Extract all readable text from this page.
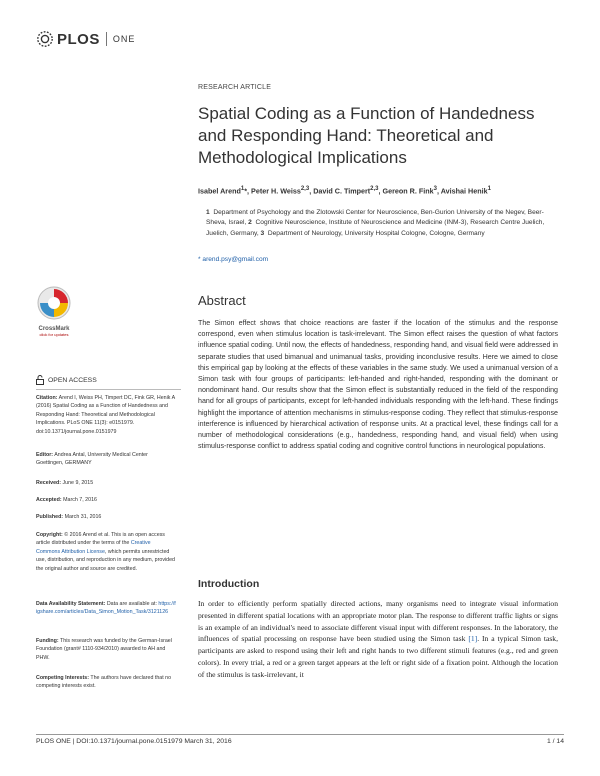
PLOS ONE
RESEARCH ARTICLE
Spatial Coding as a Function of Handedness and Responding Hand: Theoretical and Methodological Implications
Isabel Arend$^1$*, Peter H. Weiss$^{2,3}$, David C. Timpert$^{2,3}$, Gereon R. Fink$^3$, Avishai Henik$^1$
1 Department of Psychology and the Zlotowski Center for Neuroscience, Ben-Gurion University of the Negev, Beer-Sheva, Israel, 2 Cognitive Neuroscience, Institute of Neuroscience and Medicine (INM-3), Research Centre Juelich, Juelich, Germany, 3 Department of Neurology, University Hospital Cologne, Cologne, Germany
* arend.psy@gmail.com
CrossMark
click for updates
OPEN ACCESS
Citation: Arend I, Weiss PH, Timpert DC, Fink GR, Henik A (2016) Spatial Coding as a Function of Handedness and Responding Hand: Theoretical and Methodological Implications. PLoS ONE 11(3): e0151979. doi:10.1371/journal.pone.0151979
Editor: Andrea Antal, University Medical Center Goettingen, GERMANY
Received: June 9, 2015
Accepted: March 7, 2016
Published: March 31, 2016
Copyright: © 2016 Arend et al. This is an open access article distributed under the terms of the Creative Commons Attribution License, which permits unrestricted use, distribution, and reproduction in any medium, provided the original author and source are credited.
Data Availability Statement: Data are available at: https://figshare.com/articles/Data_Simon_Motion_Task/3121126
Funding: This research was funded by the German-Israel Foundation (grant# 1110-934/2010) awarded to AH and PHW.
Competing Interests: The authors have declared that no competing interests exist.
Abstract
The Simon effect shows that choice reactions are faster if the location of the stimulus and the response correspond, even when stimulus location is task-irrelevant. The Simon effect raises the question of what factors influence spatial coding. Until now, the effects of handedness, responding hand, and visual field were addressed in separate studies that used bimanual and unimanual tasks, providing inconclusive results. Here we aimed to close this empirical gap by looking at the effects of these variables in the same study. We used a unimanual version of a Simon task with four groups of participants: left-handed and right-handed, responding with the dominant or nondominant hand. Our results show that the Simon effect is substantially reduced in the field of the responding hand for all groups of participants, except for left-handed individuals responding with the left-hand. These findings highlight the importance of attention mechanisms in stimulus-response coding. They reflect that stimulus-response interference is influenced by hierarchical activation of response units. At a practical level, these findings call for a number of methodological considerations (e.g., handedness, responding hand, and visual field) when using stimulus-response conflict to address spatial coding and cognitive control functions in neurological populations.
Introduction
In order to efficiently perform spatially directed actions, many organisms need to integrate visual information presented in different spatial locations with an appropriate motor plan. The response to different traffic lights or signs is an example of an individual's need to associate different visual input with different responses. In the laboratory, the influences of spatial processing on response have been studied using the Simon task [1]. In a typical Simon task, participants are asked to respond using their left and right hands to two different stimuli features (e.g., red and green colors). In every trial, a red or a green target appears at the left or right side of a fixation point. Although the location of the stimulus is task-irrelevant, it
PLOS ONE | DOI:10.1371/journal.pone.0151979 March 31, 2016	1 / 14
